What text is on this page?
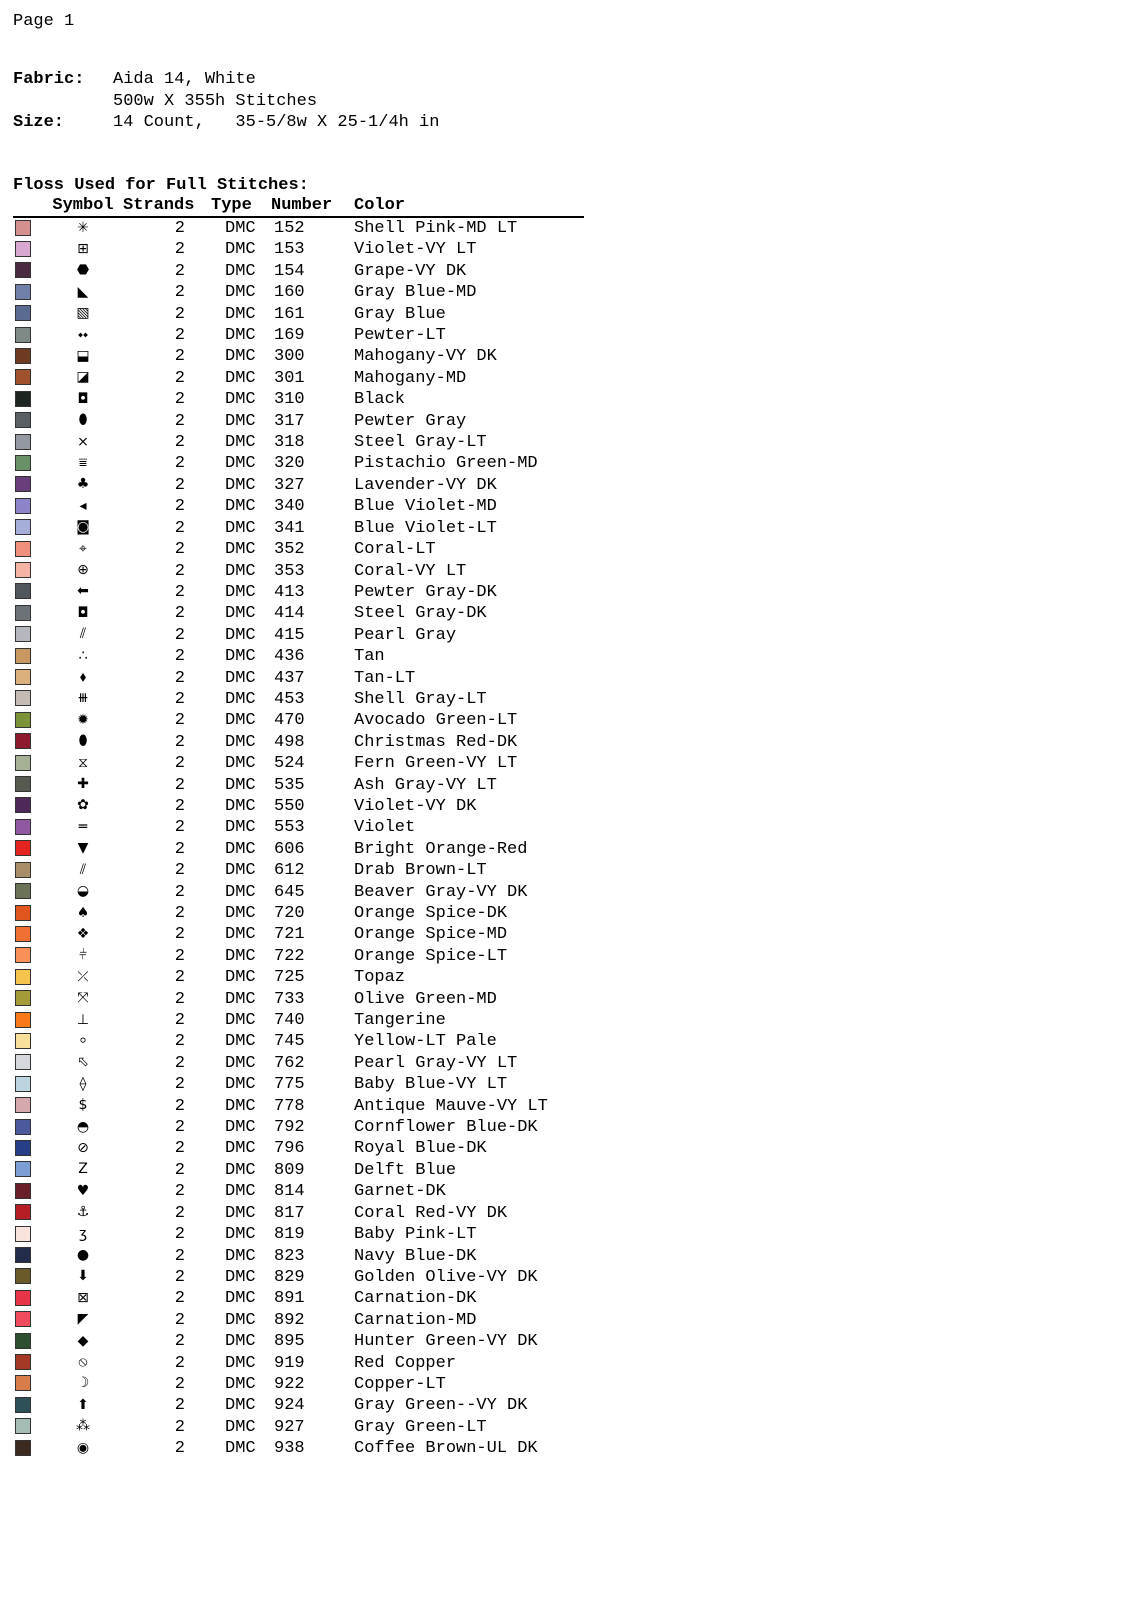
Page 1
Fabric:	Aida 14, White
500w X 355h Stitches
Size:	14 Count,   35-5/8w X 25-1/4h in
Floss Used for Full Stitches:
	Symbol	Strands	Type	Number	Color
	✳	2	DMC	152	Shell Pink-MD LT
	⊞	2	DMC	153	Violet-VY LT
	⬣	2	DMC	154	Grape-VY DK
	◣	2	DMC	160	Gray Blue-MD
	▧	2	DMC	161	Gray Blue
	⬩⬩	2	DMC	169	Pewter-LT
	⬓	2	DMC	300	Mahogany-VY DK
	◪	2	DMC	301	Mahogany-MD
	◘	2	DMC	310	Black
	⬮	2	DMC	317	Pewter Gray
	⨯	2	DMC	318	Steel Gray-LT
	⩸	2	DMC	320	Pistachio Green-MD
	♣	2	DMC	327	Lavender-VY DK
	◂	2	DMC	340	Blue Violet-MD
	◙	2	DMC	341	Blue Violet-LT
	⌖	2	DMC	352	Coral-LT
	⊕	2	DMC	353	Coral-VY LT
	⬅	2	DMC	413	Pewter Gray-DK
	◘	2	DMC	414	Steel Gray-DK
	⫽	2	DMC	415	Pearl Gray
	∴	2	DMC	436	Tan
	⬧	2	DMC	437	Tan-LT
	⧻	2	DMC	453	Shell Gray-LT
	✹	2	DMC	470	Avocado Green-LT
	⬮	2	DMC	498	Christmas Red-DK
	⧖	2	DMC	524	Fern Green-VY LT
	✚	2	DMC	535	Ash Gray-VY LT
	✿	2	DMC	550	Violet-VY DK
	═	2	DMC	553	Violet
	▼	2	DMC	606	Bright Orange-Red
	⫽	2	DMC	612	Drab Brown-LT
	◒	2	DMC	645	Beaver Gray-VY DK
	♠	2	DMC	720	Orange Spice-DK
	❖	2	DMC	721	Orange Spice-MD
	⫩	2	DMC	722	Orange Spice-LT
	⤫	2	DMC	725	Topaz
	⤧	2	DMC	733	Olive Green-MD
	⊥	2	DMC	740	Tangerine
	⸰	2	DMC	745	Yellow-LT Pale
	⬁	2	DMC	762	Pearl Gray-VY LT
	⟠	2	DMC	775	Baby Blue-VY LT
	$	2	DMC	778	Antique Mauve-VY LT
	◓	2	DMC	792	Cornflower Blue-DK
	⊘	2	DMC	796	Royal Blue-DK
	Z	2	DMC	809	Delft Blue
	♥	2	DMC	814	Garnet-DK
	⚓	2	DMC	817	Coral Red-VY DK
	ʒ	2	DMC	819	Baby Pink-LT
	●	2	DMC	823	Navy Blue-DK
	⬇	2	DMC	829	Golden Olive-VY DK
	⊠	2	DMC	891	Carnation-DK
	◤	2	DMC	892	Carnation-MD
	◆	2	DMC	895	Hunter Green-VY DK
	⦸	2	DMC	919	Red Copper
	☽	2	DMC	922	Copper-LT
	⬆	2	DMC	924	Gray Green--VY DK
	⁂	2	DMC	927	Gray Green-LT
	◉	2	DMC	938	Coffee Brown-UL DK
